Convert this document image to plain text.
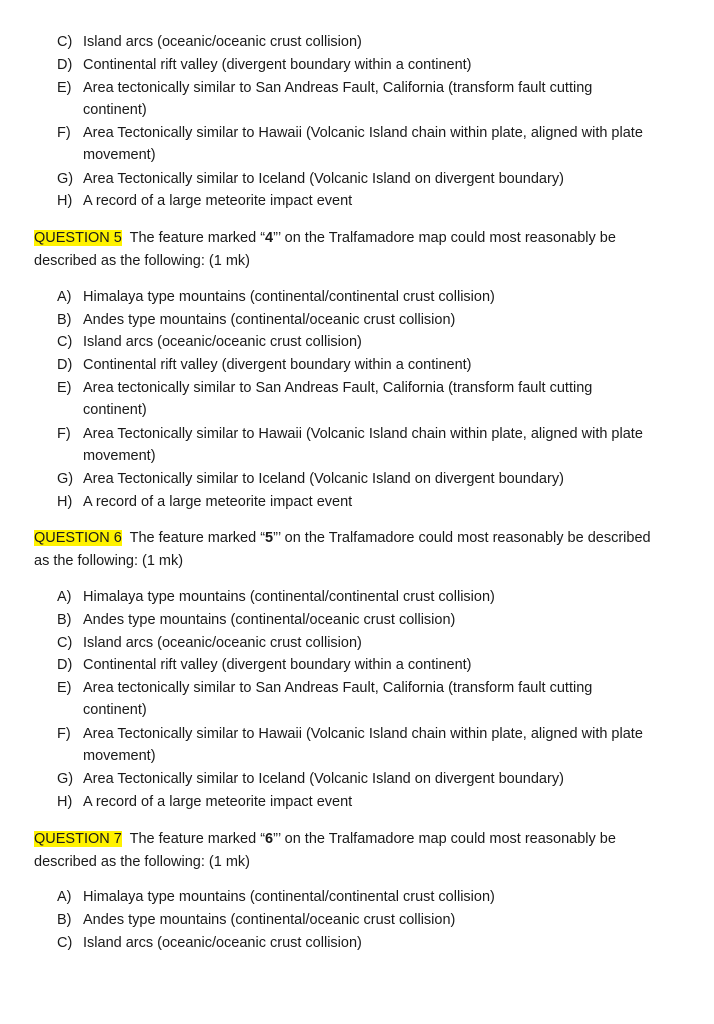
C) Island arcs (oceanic/oceanic crust collision)
D) Continental rift valley (divergent boundary within a continent)
E) Area tectonically similar to San Andreas Fault, California (transform fault cutting continent)
F) Area Tectonically similar to Hawaii (Volcanic Island chain within plate, aligned with plate movement)
G) Area Tectonically similar to Iceland (Volcanic Island on divergent boundary)
H) A record of a large meteorite impact event
QUESTION 5 The feature marked “4”’ on the Tralfamadore map could most reasonably be described as the following: (1 mk)
A) Himalaya type mountains (continental/continental crust collision)
B) Andes type mountains (continental/oceanic crust collision)
C) Island arcs (oceanic/oceanic crust collision)
D) Continental rift valley (divergent boundary within a continent)
E) Area tectonically similar to San Andreas Fault, California (transform fault cutting continent)
F) Area Tectonically similar to Hawaii (Volcanic Island chain within plate, aligned with plate movement)
G) Area Tectonically similar to Iceland (Volcanic Island on divergent boundary)
H) A record of a large meteorite impact event
QUESTION 6 The feature marked “5”’ on the Tralfamadore could most reasonably be described as the following: (1 mk)
A) Himalaya type mountains (continental/continental crust collision)
B) Andes type mountains (continental/oceanic crust collision)
C) Island arcs (oceanic/oceanic crust collision)
D) Continental rift valley (divergent boundary within a continent)
E) Area tectonically similar to San Andreas Fault, California (transform fault cutting continent)
F) Area Tectonically similar to Hawaii (Volcanic Island chain within plate, aligned with plate movement)
G) Area Tectonically similar to Iceland (Volcanic Island on divergent boundary)
H) A record of a large meteorite impact event
QUESTION 7 The feature marked “6”’ on the Tralfamadore map could most reasonably be described as the following: (1 mk)
A) Himalaya type mountains (continental/continental crust collision)
B) Andes type mountains (continental/oceanic crust collision)
C) Island arcs (oceanic/oceanic crust collision)
